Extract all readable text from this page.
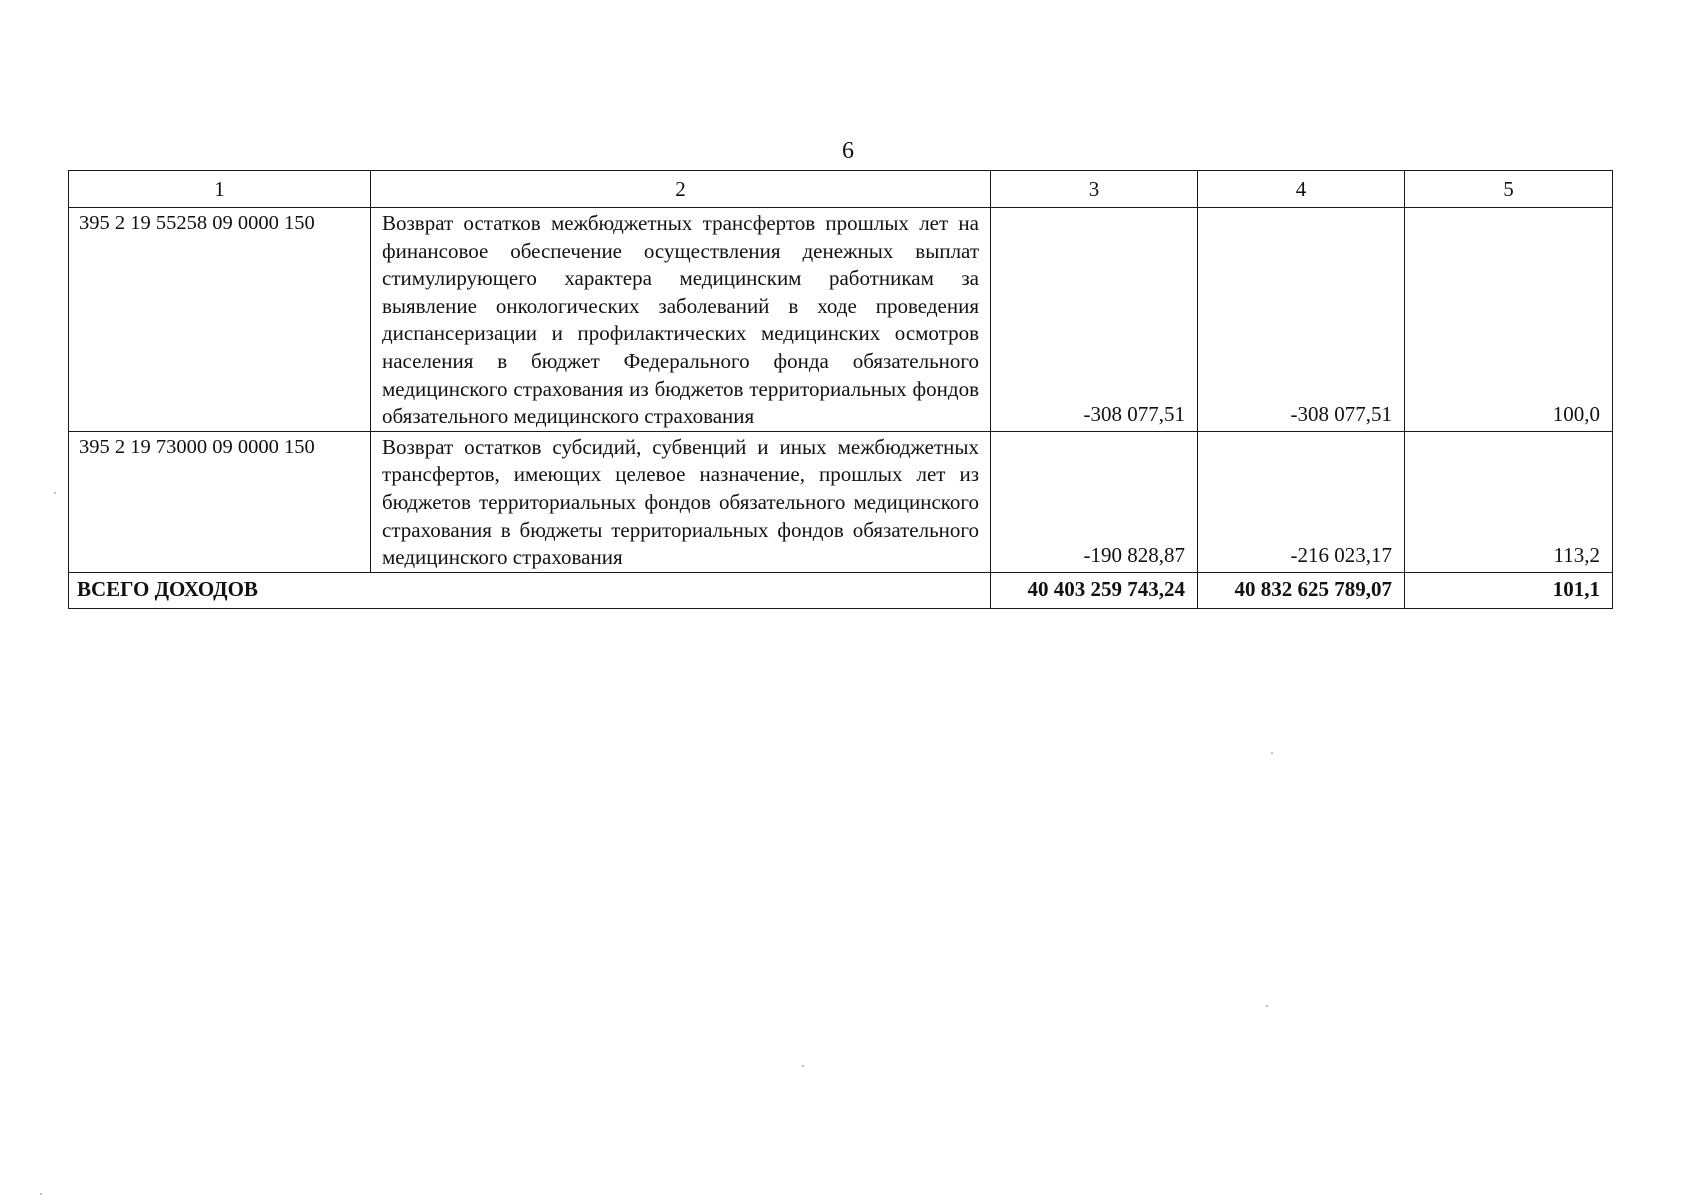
6
1	2	3	4	5
395 2 19 55258 09 0000 150	Возврат остатков межбюджетных трансфертов прошлых лет на финансовое обеспечение осуществления денежных выплат стимулирующего характера медицинским работникам за выявление онкологических заболеваний в ходе проведения диспансеризации и профилактических медицинских осмотров населения в бюджет Федерального фонда обязательного медицинского страхования из бюджетов территориальных фондов обязательного медицинского страхования	-308 077,51	-308 077,51	100,0
395 2 19 73000 09 0000 150	Возврат остатков субсидий, субвенций и иных межбюджетных трансфертов, имеющих целевое назначение, прошлых лет из бюджетов территориальных фондов обязательного медицинского страхования в бюджеты территориальных фондов обязательного медицинского страхования	-190 828,87	-216 023,17	113,2
ВСЕГО ДОХОДОВ		40 403 259 743,24	40 832 625 789,07	101,1
